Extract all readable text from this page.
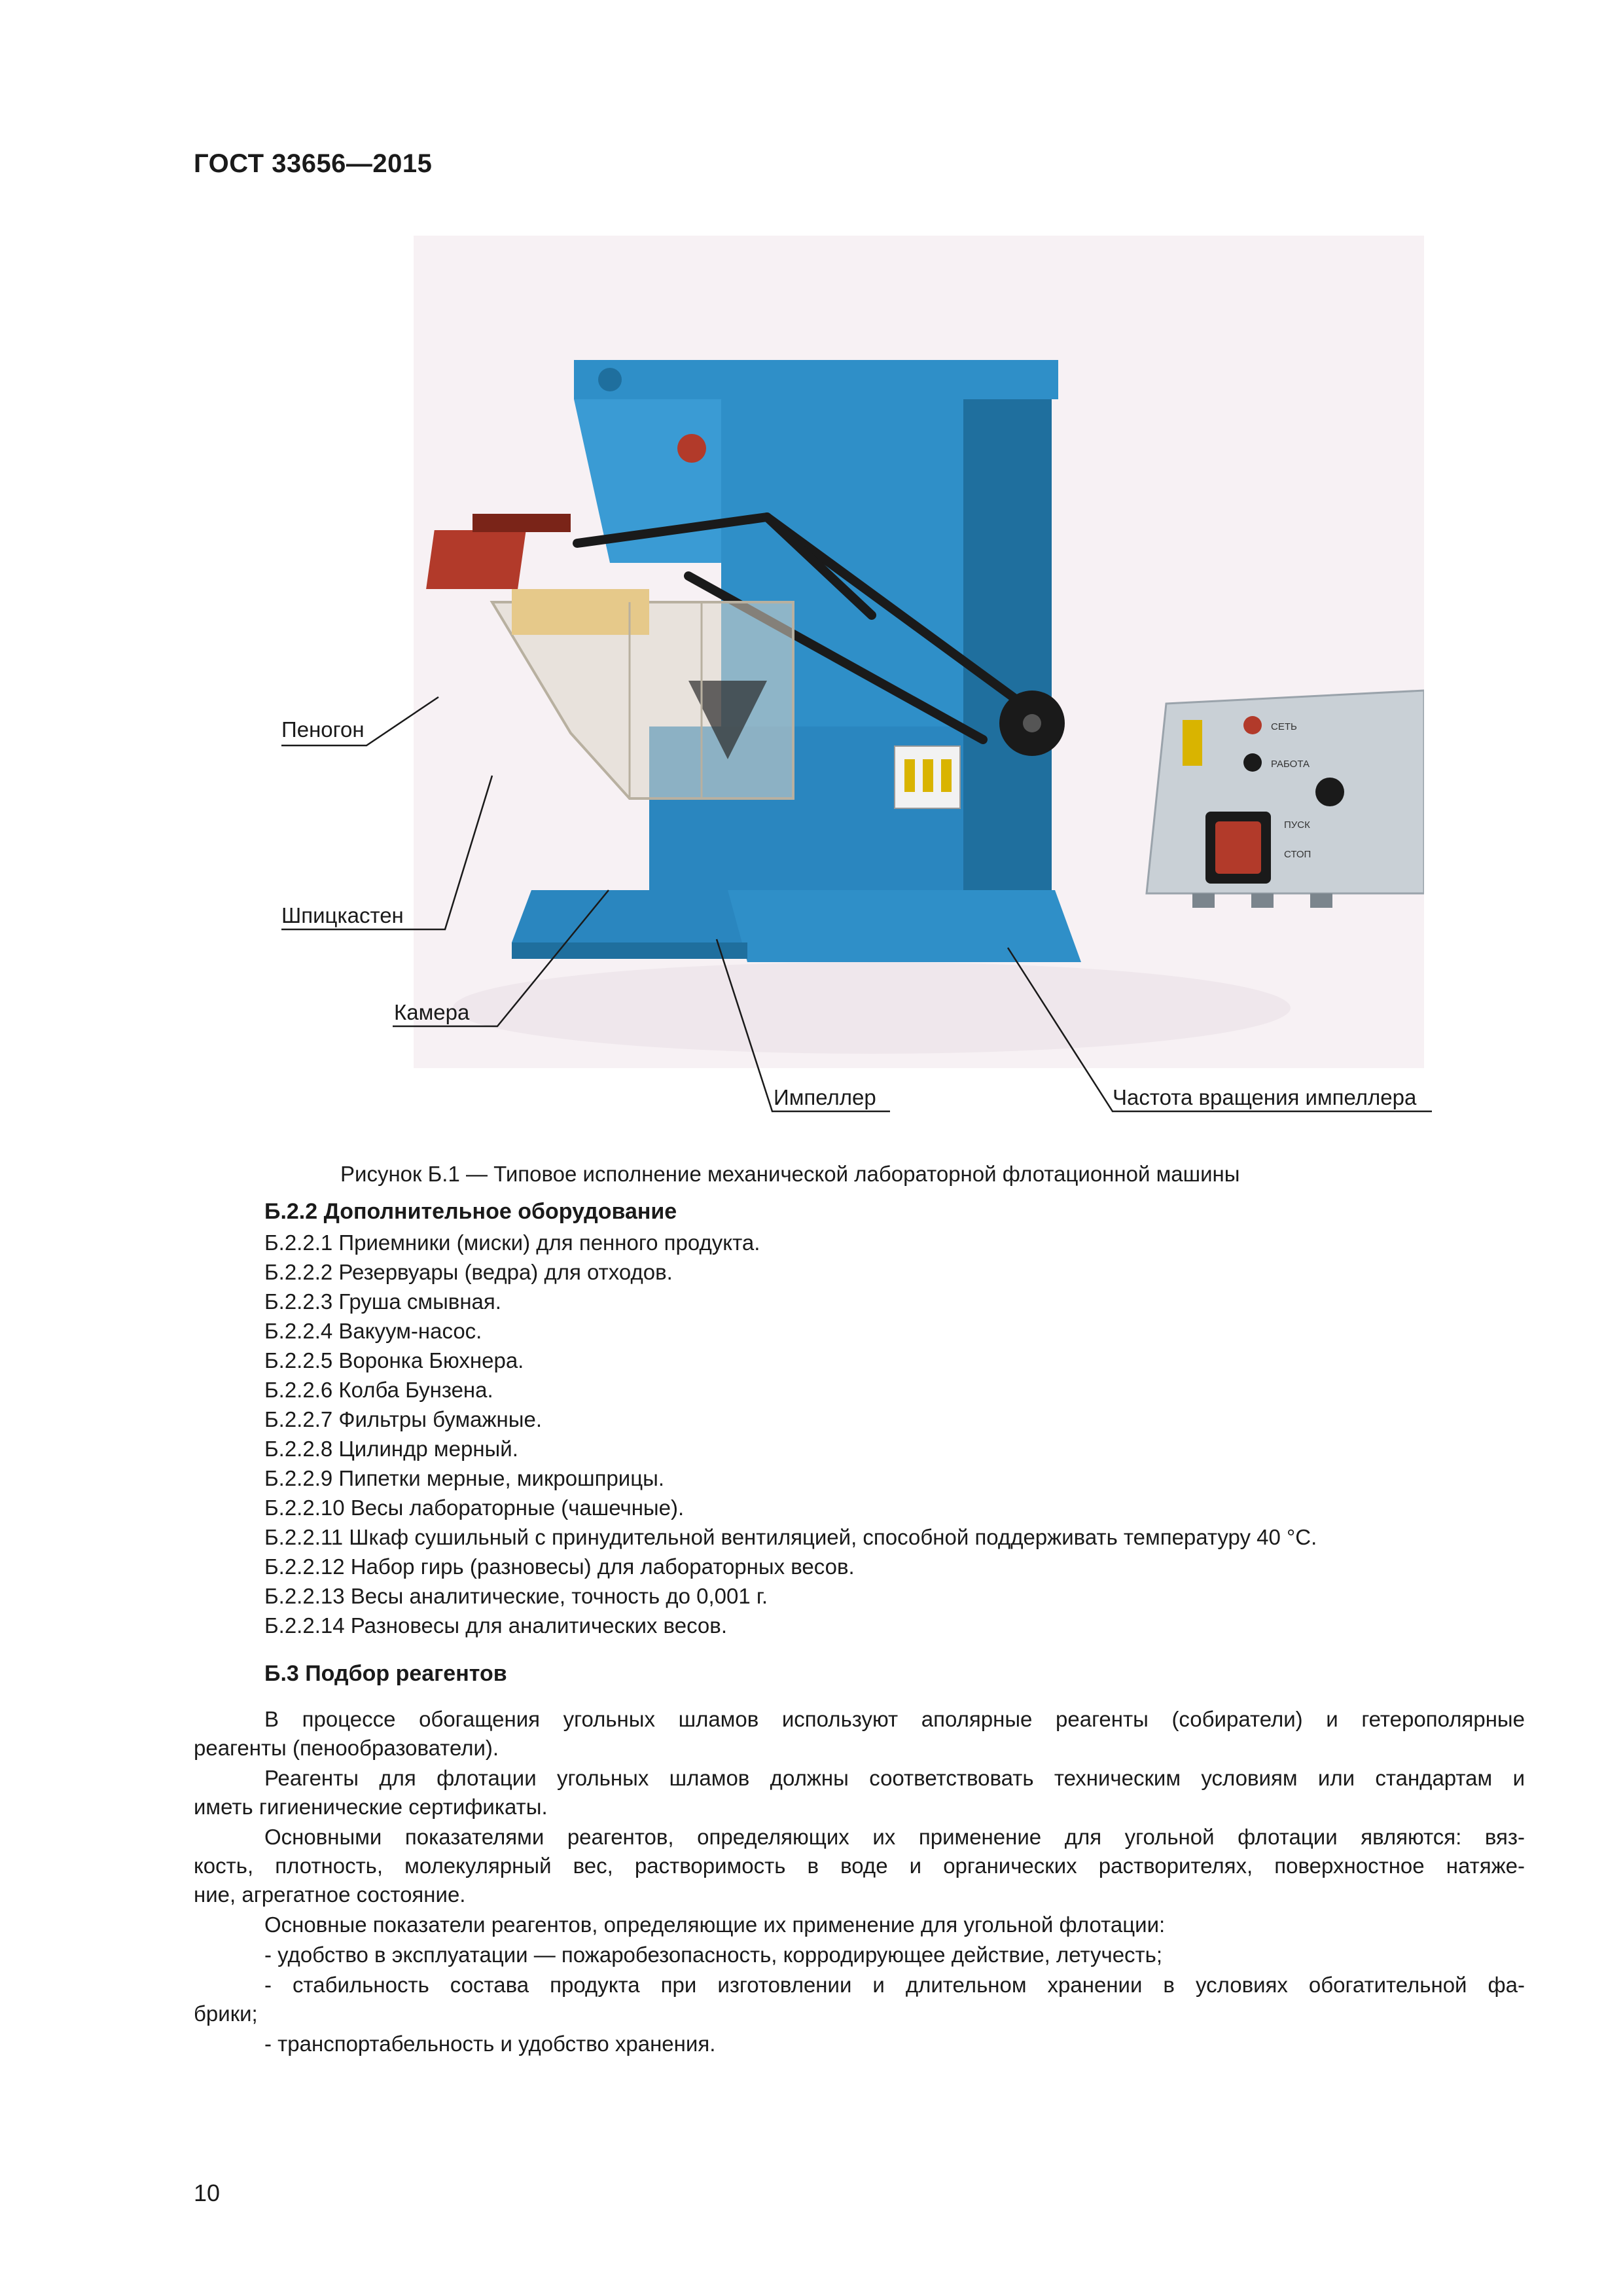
ГОСТ 33656—2015
СЕТЬ
РАБОТА
ПУСК
СТОП
Пеногон
Шпицкастен
Камера
Импеллер	Частота вращения импеллера
Рисунок Б.1 — Типовое исполнение механической лабораторной флотационной машины
Б.2.2 Дополнительное оборудование
Б.2.2.1 Приемники (миски) для пенного продукта.
Б.2.2.2 Резервуары (ведра) для отходов.
Б.2.2.3 Груша смывная.
Б.2.2.4 Вакуум-насос.
Б.2.2.5 Воронка Бюхнера.
Б.2.2.6 Колба Бунзена.
Б.2.2.7 Фильтры бумажные.
Б.2.2.8 Цилиндр мерный.
Б.2.2.9 Пипетки мерные, микрошприцы.
Б.2.2.10 Весы лабораторные (чашечные).
Б.2.2.11 Шкаф сушильный с принудительной вентиляцией, способной поддерживать температуру 40 °С.
Б.2.2.12 Набор гирь (разновесы) для лабораторных весов.
Б.2.2.13 Весы аналитические, точность до 0,001 г.
Б.2.2.14 Разновесы для аналитических весов.
Б.3 Подбор реагентов
В процессе обогащения угольных шламов используют аполярные реагенты (собиратели) и гетерополярные
реагенты (пенообразователи).
Реагенты для флотации угольных шламов должны соответствовать техническим условиям или стандартам и
иметь гигиенические сертификаты.
Основными показателями реагентов, определяющих их применение для угольной флотации являются: вяз-
кость, плотность, молекулярный вес, растворимость в воде и органических растворителях, поверхностное натяже-
ние, агрегатное состояние.
Основные показатели реагентов, определяющие их применение для угольной флотации:
- удобство в эксплуатации — пожаробезопасность, корродирующее действие, летучесть;
- стабильность состава продукта при изготовлении и длительном хранении в условиях обогатительной фа-
брики;
- транспортабельность и удобство хранения.
10
